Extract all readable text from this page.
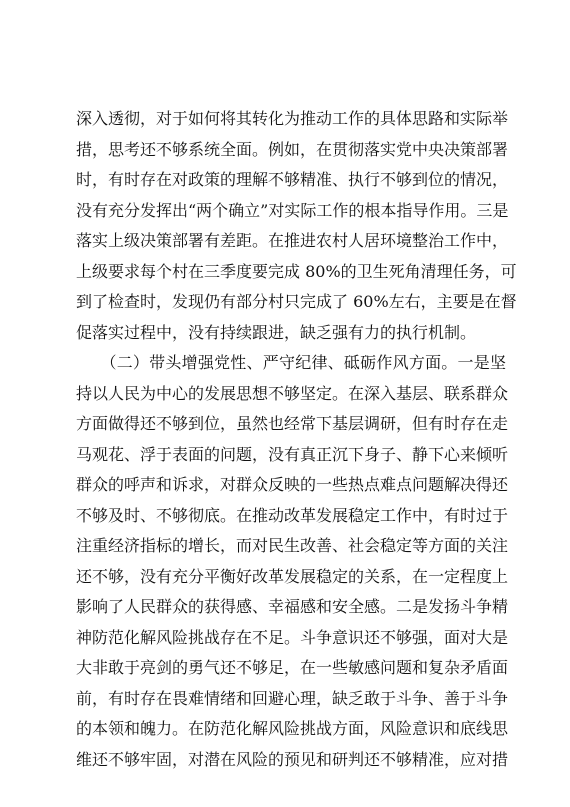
深入透彻，对于如何将其转化为推动工作的具体思路和实际举
措，思考还不够系统全面。例如，在贯彻落实党中央决策部署
时，有时存在对政策的理解不够精准、执行不够到位的情况，
没有充分发挥出“两个确立”对实际工作的根本指导作用。三是
落实上级决策部署有差距。在推进农村人居环境整治工作中，
上级要求每个村在三季度要完成 80%的卫生死角清理任务，可
到了检查时，发现仍有部分村只完成了 60%左右，主要是在督
促落实过程中，没有持续跟进，缺乏强有力的执行机制。
　　（二）带头增强党性、严守纪律、砥砺作风方面。一是坚
持以人民为中心的发展思想不够坚定。在深入基层、联系群众
方面做得还不够到位，虽然也经常下基层调研，但有时存在走
马观花、浮于表面的问题，没有真正沉下身子、静下心来倾听
群众的呼声和诉求，对群众反映的一些热点难点问题解决得还
不够及时、不够彻底。在推动改革发展稳定工作中，有时过于
注重经济指标的增长，而对民生改善、社会稳定等方面的关注
还不够，没有充分平衡好改革发展稳定的关系，在一定程度上
影响了人民群众的获得感、幸福感和安全感。二是发扬斗争精
神防范化解风险挑战存在不足。斗争意识还不够强，面对大是
大非敢于亮剑的勇气还不够足，在一些敏感问题和复杂矛盾面
前，有时存在畏难情绪和回避心理，缺乏敢于斗争、善于斗争
的本领和魄力。在防范化解风险挑战方面，风险意识和底线思
维还不够牢固，对潜在风险的预见和研判还不够精准，应对措
